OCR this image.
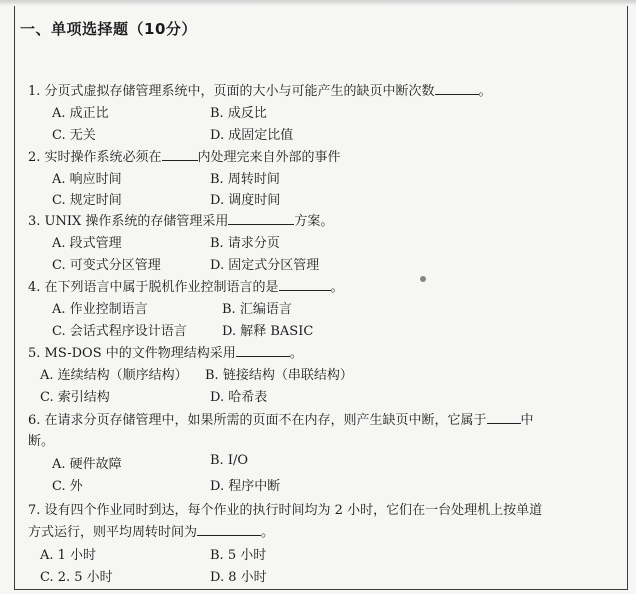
一、单项选择题（10分）
1. 分页式虚拟存储管理系统中，页面的大小与可能产生的缺页中断次数	。
A. 成正比	B. 成反比
C. 无关	D. 成固定比值
2. 实时操作系统必须在	内处理完来自外部的事件
A. 响应时间	B. 周转时间
C. 规定时间	D. 调度时间
3. UNIX 操作系统的存储管理采用	方案。
A. 段式管理	B. 请求分页
C. 可变式分区管理	D. 固定式分区管理
4. 在下列语言中属于脱机作业控制语言的是	。
A. 作业控制语言	B. 汇编语言
C. 会话式程序设计语言	D. 解释 BASIC
5. MS-DOS 中的文件物理结构采用	。
A. 连续结构（顺序结构） B. 链接结构（串联结构）
C. 索引结构	D. 哈希表
6. 在请求分页存储管理中，如果所需的页面不在内存，则产生缺页中断，它属于	中
断。
A. 硬件故障	B. I/O
C. 外	D. 程序中断
7. 设有四个作业同时到达，每个作业的执行时间均为 2 小时，它们在一台处理机上按单道
方式运行，则平均周转时间为	。
A. 1 小时	B. 5 小时
C. 2. 5 小时	D. 8 小时
